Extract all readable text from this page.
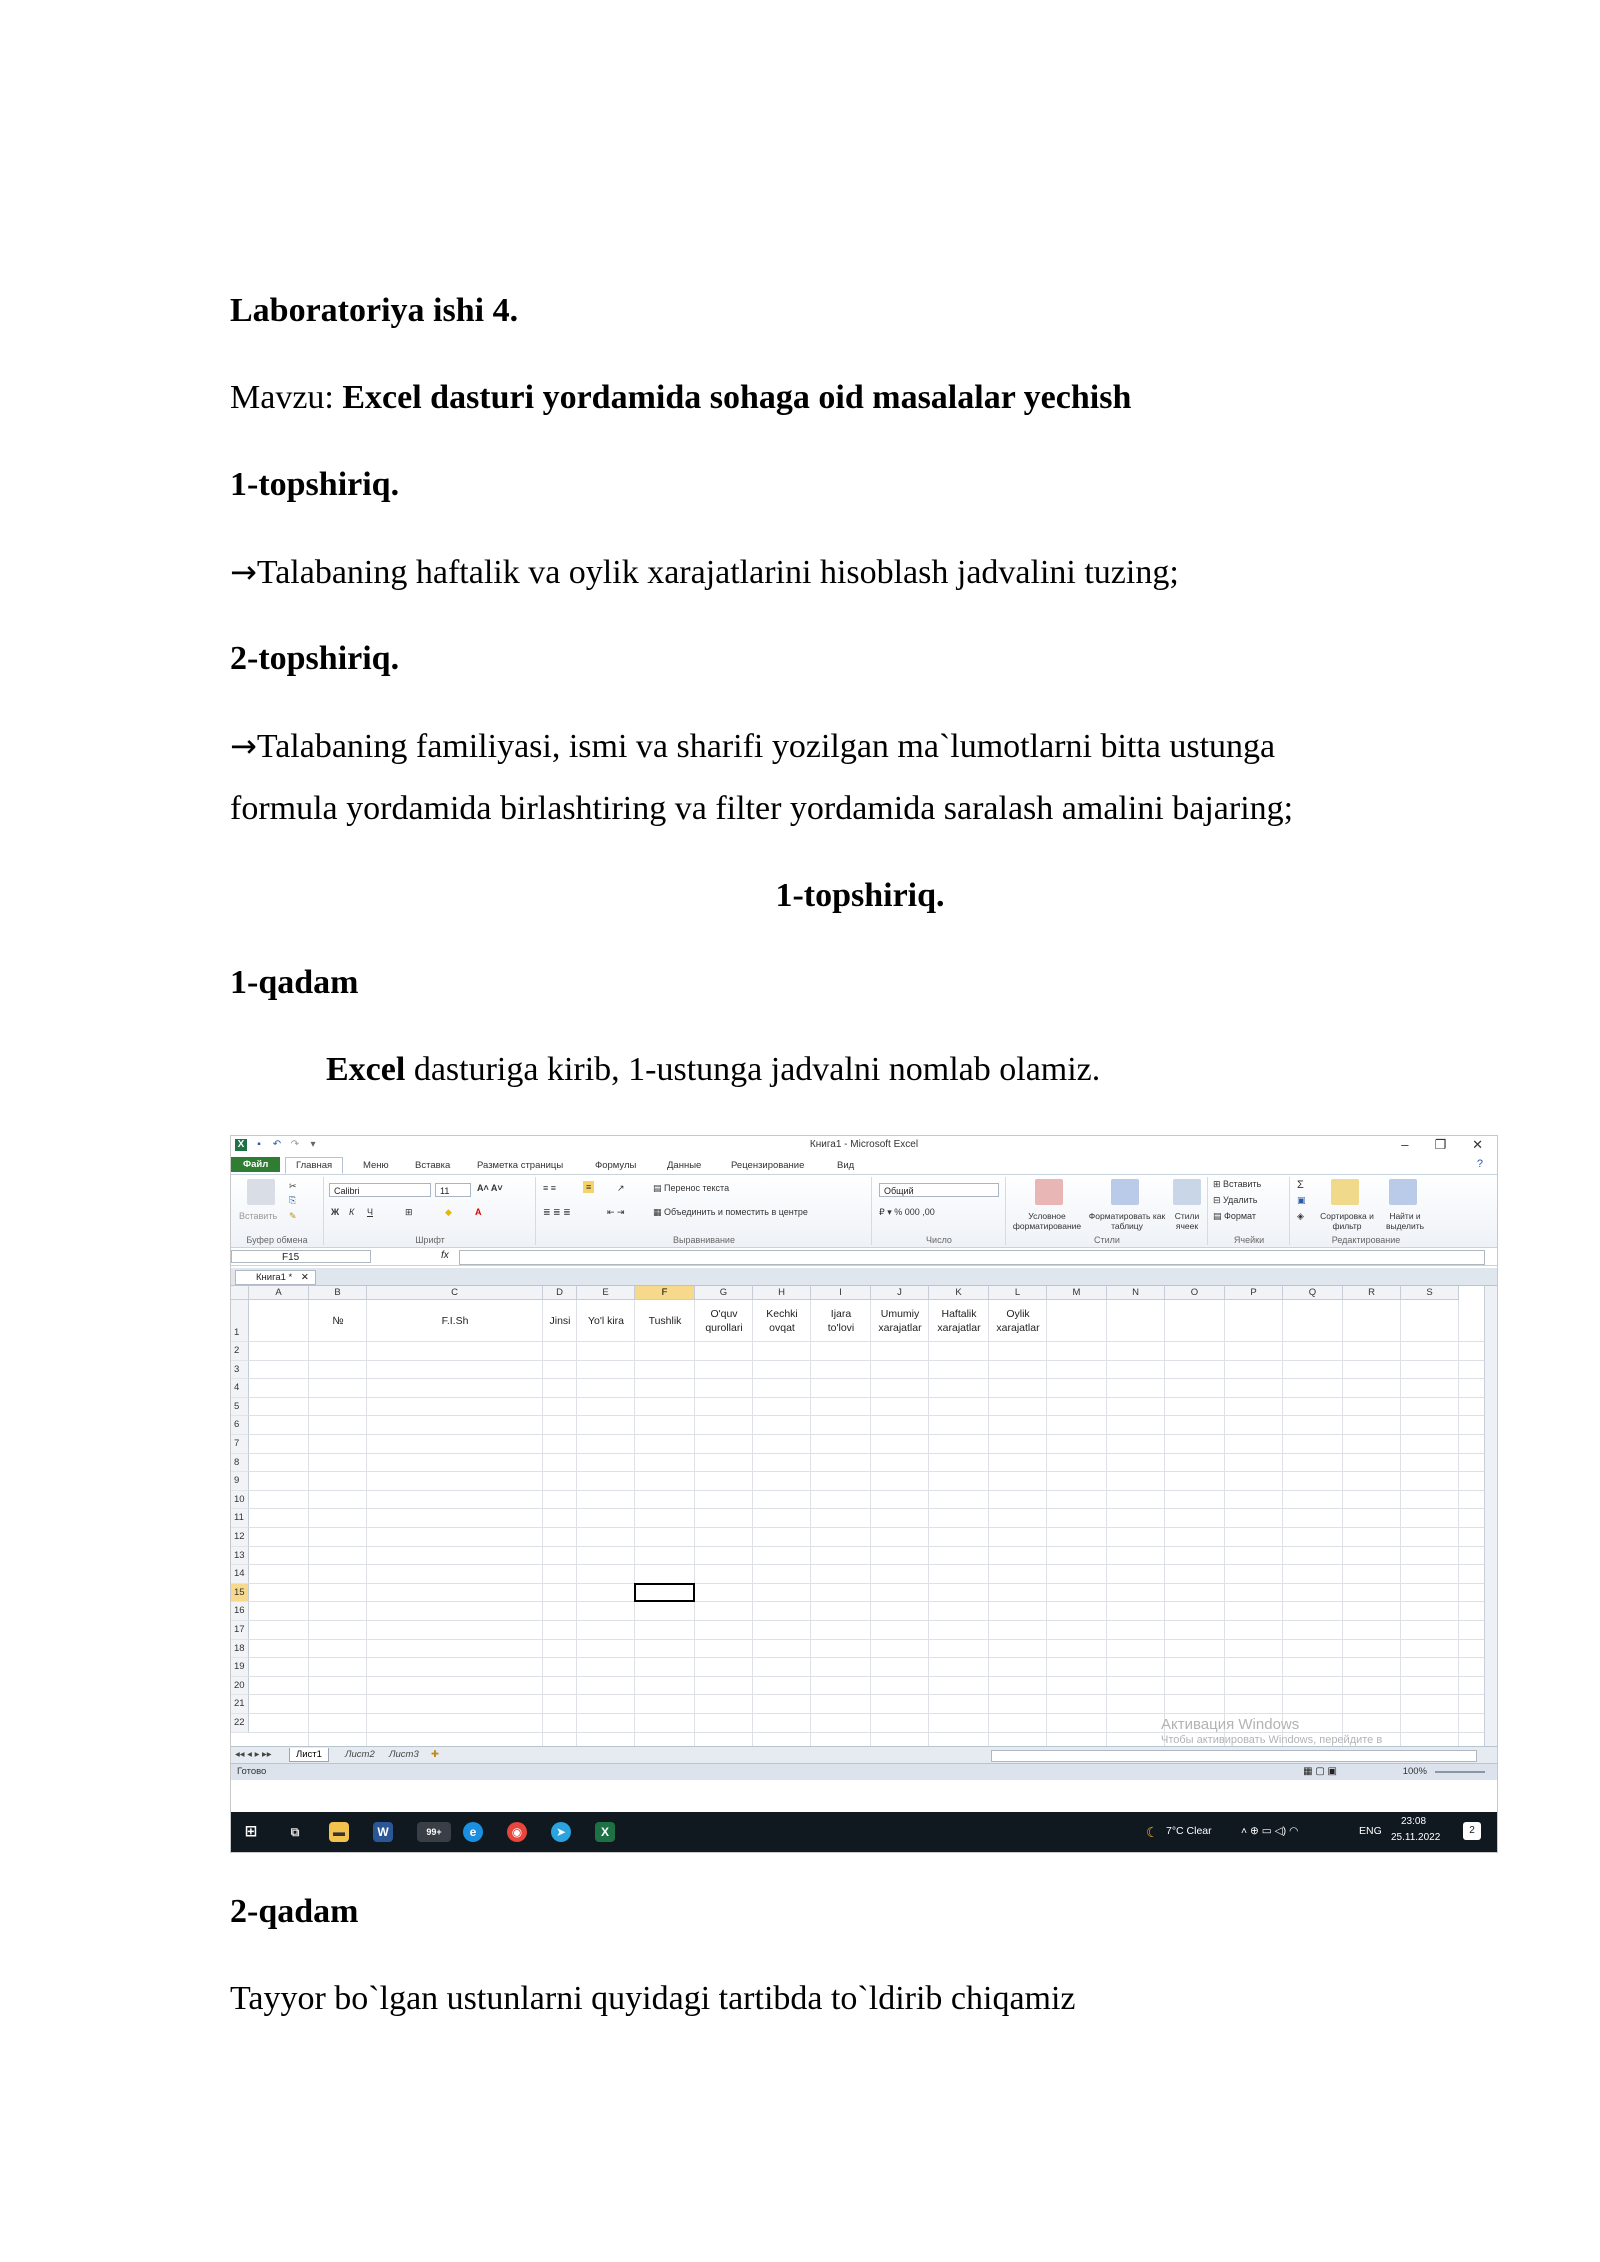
Laboratoriya ishi 4.
Mavzu: Excel dasturi yordamida sohaga oid masalalar yechish
1-topshiriq.
→Talabaning haftalik va oylik xarajatlarini hisoblash jadvalini tuzing;
2-topshiriq.
→Talabaning familiyasi, ismi va sharifi yozilgan ma`lumotlarni bitta ustunga
formula yordamida birlashtiring va filter yordamida saralash amalini bajaring;
1-topshiriq.
1-qadam
Excel dasturiga kirib, 1-ustunga jadvalni nomlab olamiz.
X	▪	↶ ↷	▾	Книга1 - Microsoft Excel	– ❐ ✕
Файл	Главная	Меню	Вставка	Разметка страницы	Формулы	Данные	Рецензирование	Вид	?
Вставить
✂
⎘
✎
Буфер обмена
Calibri	11	A˄ A˅
Ж К Ч	⊞	◆	A
Шрифт
≡ ≡	≡	↗
≣ ≣ ≣	⇤ ⇥
▤ Перенос текста
▦ Объединить и поместить в центре
Выравнивание
Общий
₽ ▾ % 000 ,00
Число
Условное форматирование
Форматировать как таблицу
Стили ячеек
Стили
⊞ Вставить
⊟ Удалить
▤ Формат
Ячейки
Σ
▣
◈ Сортировка и фильтр
Найти и выделить
Редактирование
F15	fx
Книга1 * ✕
A	B	C	D	E	F	G	H	I	J	K	L	M	N	O	P	Q	R	S
1
2
3
4
5
6
7
8
9
10
11
12
13
14
15
16
17
18
19
20
21
22
№	F.I.Sh	Jinsi	Yo'l kira	Tushlik
O'quv
qurollari
Kechki
ovqat
Ijara
to'lovi
Umumiy
xarajatlar
Haftalik
xarajatlar
Oylik
xarajatlar
Активация Windows
Чтобы активировать Windows, перейдите в
◂◂ ◂ ▸ ▸▸	Лист1	Лист2 Лист3 ✚
Готово	▦ ▢ ▣	100%
⊞	⧉	▬	W	99+	e	◉	➤	X	☾ 7°C Clear	˄ ⊕ ▭ ◁) ◠	ENG
23:08
25.11.2022
2
2-qadam
Tayyor bo`lgan ustunlarni quyidagi tartibda to`ldirib chiqamiz
